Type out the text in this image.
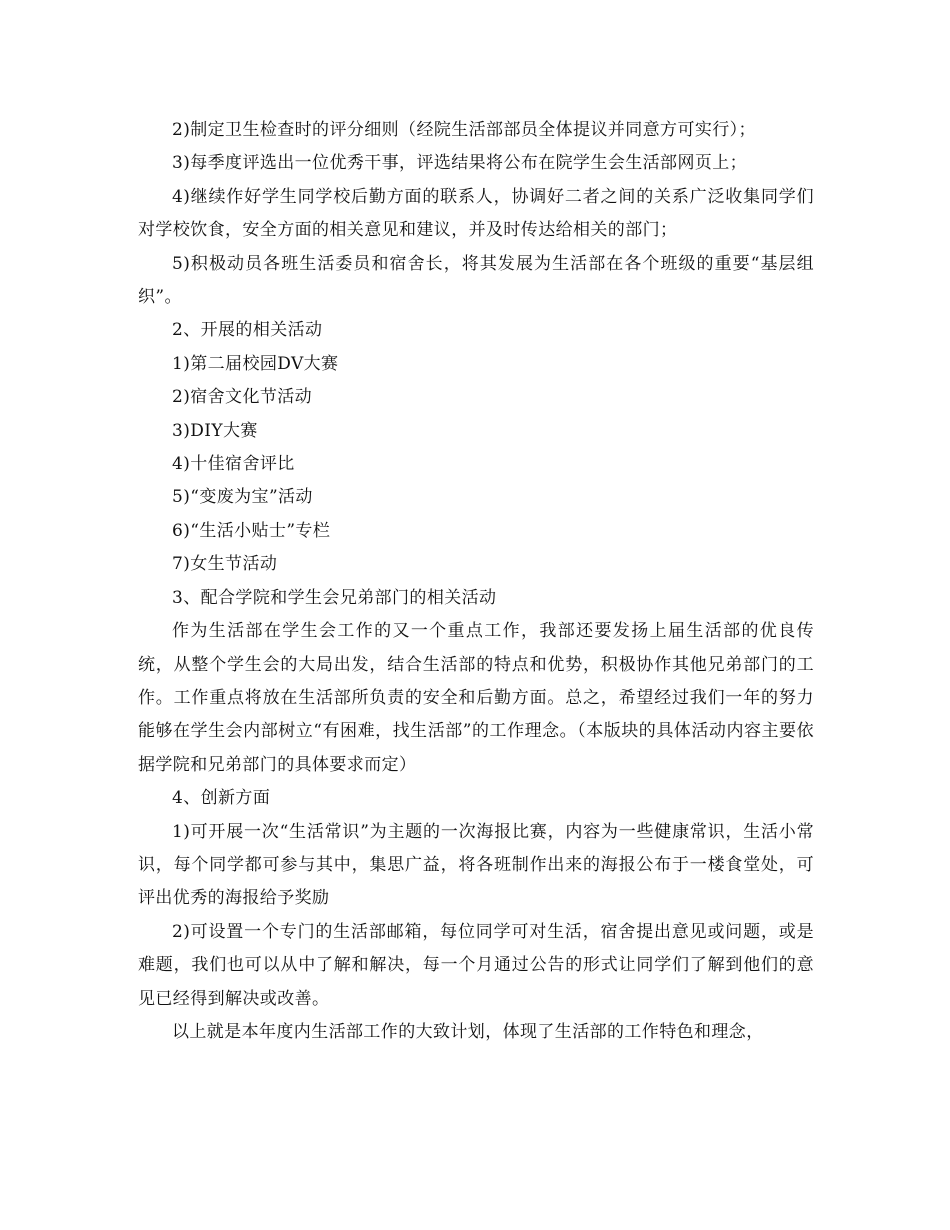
2)制定卫生检查时的评分细则（经院生活部部员全体提议并同意方可实行）；

3)每季度评选出一位优秀干事，评选结果将公布在院学生会生活部网页上；

4)继续作好学生同学校后勤方面的联系人，协调好二者之间的关系广泛收集同学们对学校饮食，安全方面的相关意见和建议，并及时传达给相关的部门；

5)积极动员各班生活委员和宿舍长，将其发展为生活部在各个班级的重要“基层组织”。

2、开展的相关活动

1)第二届校园DV大赛

2)宿舍文化节活动

3)DIY大赛

4)十佳宿舍评比

5)“变废为宝”活动

6)“生活小贴士”专栏

7)女生节活动

3、配合学院和学生会兄弟部门的相关活动

作为生活部在学生会工作的又一个重点工作，我部还要发扬上届生活部的优良传统，从整个学生会的大局出发，结合生活部的特点和优势，积极协作其他兄弟部门的工作。工作重点将放在生活部所负责的安全和后勤方面。总之，希望经过我们一年的努力能够在学生会内部树立“有困难，找生活部”的工作理念。（本版块的具体活动内容主要依据学院和兄弟部门的具体要求而定）

4、创新方面

1)可开展一次“生活常识”为主题的一次海报比赛，内容为一些健康常识，生活小常识，每个同学都可参与其中，集思广益，将各班制作出来的海报公布于一楼食堂处，可评出优秀的海报给予奖励

2)可设置一个专门的生活部邮箱，每位同学可对生活，宿舍提出意见或问题，或是难题，我们也可以从中了解和解决，每一个月通过公告的形式让同学们了解到他们的意见已经得到解决或改善。

以上就是本年度内生活部工作的大致计划，体现了生活部的工作特色和理念，
